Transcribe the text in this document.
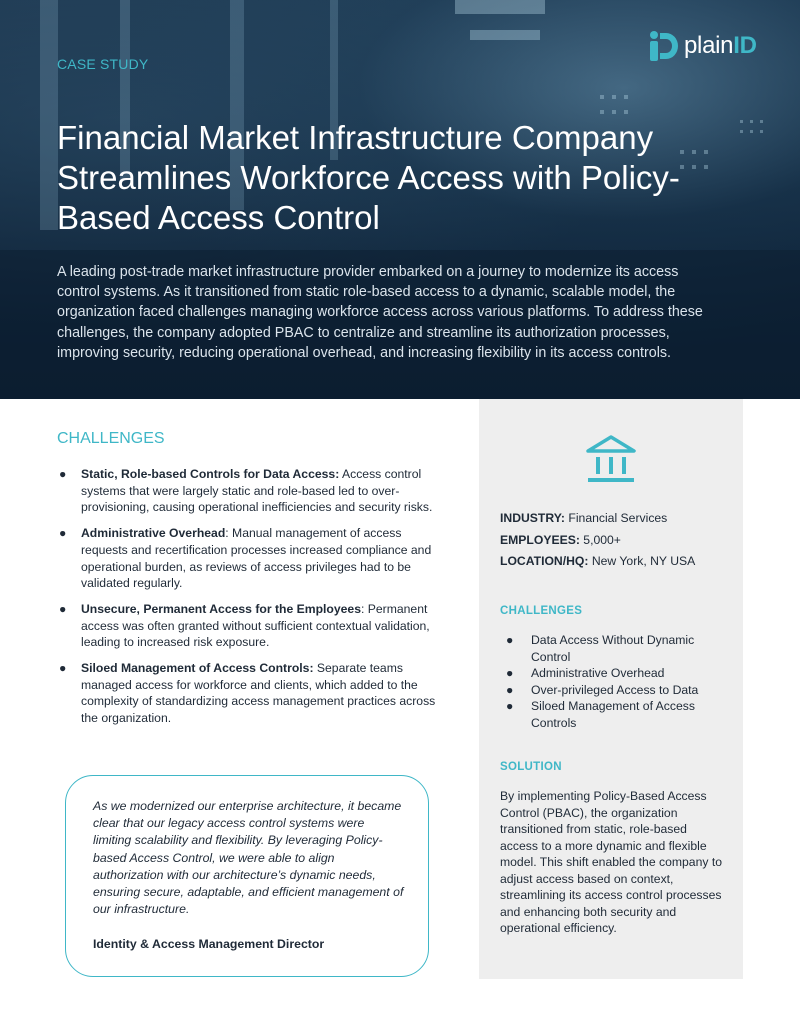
CASE STUDY
plainID
Financial Market Infrastructure Company Streamlines Workforce Access with Policy-Based Access Control

A leading post-trade market infrastructure provider embarked on a journey to modernize its access control systems. As it transitioned from static role-based access to a dynamic, scalable model, the organization faced challenges managing workforce access across various platforms. To address these challenges, the company adopted PBAC to centralize and streamline its authorization processes, improving security, reducing operational overhead, and increasing flexibility in its access controls.

CHALLENGES
● Static, Role-based Controls for Data Access: Access control systems that were largely static and role-based led to over-provisioning, causing operational inefficiencies and security risks.
● Administrative Overhead: Manual management of access requests and recertification processes increased compliance and operational burden, as reviews of access privileges had to be validated regularly.
● Unsecure, Permanent Access for the Employees: Permanent access was often granted without sufficient contextual validation, leading to increased risk exposure.
● Siloed Management of Access Controls: Separate teams managed access for workforce and clients, which added to the complexity of standardizing access management practices across the organization.

As we modernized our enterprise architecture, it became clear that our legacy access control systems were limiting scalability and flexibility. By leveraging Policy-based Access Control, we were able to align authorization with our architecture’s dynamic needs, ensuring secure, adaptable, and efficient management of our infrastructure.

Identity & Access Management Director

INDUSTRY: Financial Services
EMPLOYEES: 5,000+
LOCATION/HQ: New York, NY USA
CHALLENGES
● Data Access Without Dynamic Control
● Administrative Overhead
● Over-privileged Access to Data
● Siloed Management of Access Controls
SOLUTION

By implementing Policy-Based Access Control (PBAC), the organization transitioned from static, role-based access to a more dynamic and flexible model. This shift enabled the company to adjust access based on context, streamlining its access control processes and enhancing both security and operational efficiency.
